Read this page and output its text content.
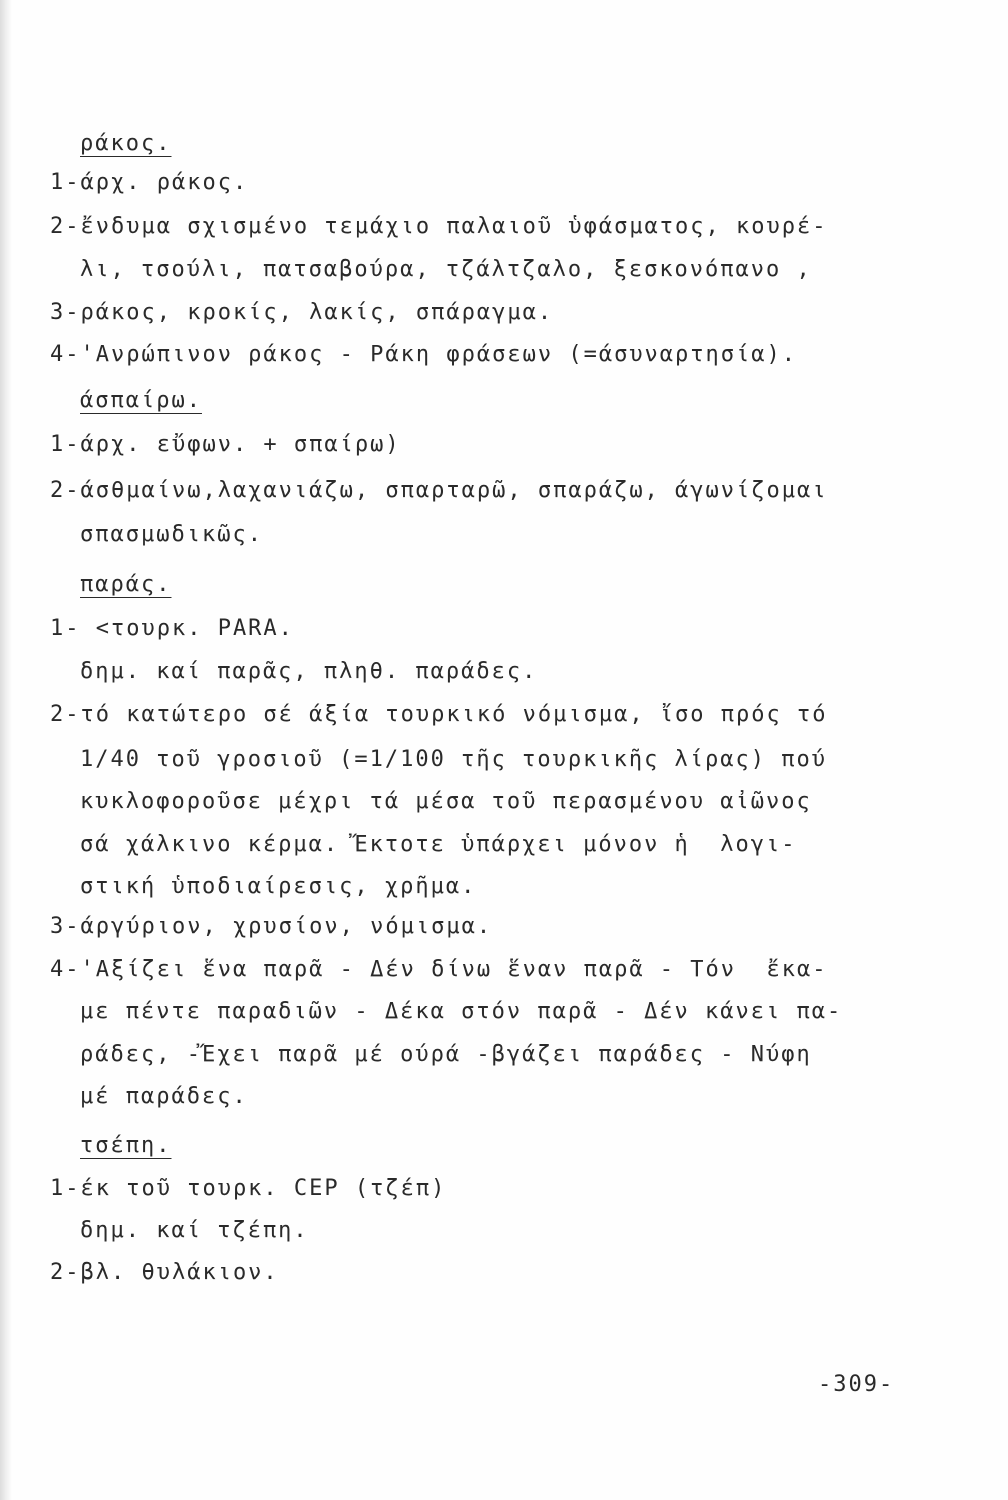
ράκος.
1-άρχ. ράκος.
2-ἔνδυμα σχισμένο τεμάχιο παλαιοῦ ὑφάσματος, κουρέ-
λι, τσούλι, πατσαβούρα, τζάλτζαλο, ξεσκονόπανο ,
3-ράκος, κροκίς, λακίς, σπάραγμα.
4-'Ανρώπινον ράκος - Ράκη φράσεων (=άσυναρτησία).
άσπαίρω.
1-άρχ. εὔφων. + σπαίρω)
2-άσθμαίνω,λαχανιάζω, σπαρταρῶ, σπαράζω, άγωνίζομαι
σπασμωδικῶς.
παράς.
1- <τουρκ. PARA.
δημ. καί παρᾶς, πληθ. παράδες.
2-τό κατώτερο σέ άξία τουρκικό νόμισμα, ἴσο πρός τό
1/40 τοῦ γροσιοῦ (=1/100 τῆς τουρκικῆς λίρας) πού
κυκλοφοροῦσε μέχρι τά μέσα τοῦ περασμένου αἰῶνος
σά χάλκινο κέρμα. Ἔκτοτε ὑπάρχει μόνον ἡ  λογι-
στική ὑποδιαίρεσις, χρῆμα.
3-άργύριον, χρυσίον, νόμισμα.
4-'Αξίζει ἕνα παρᾶ - Δέν δίνω ἕναν παρᾶ - Τόν  ἔκα-
με πέντε παραδιῶν - Δέκα στόν παρᾶ - Δέν κάνει πα-
ράδες, -Ἔχει παρᾶ μέ ούρά -βγάζει παράδες - Νύφη
μέ παράδες.
τσέπη.
1-έκ τοῦ τουρκ. CEP (τζέπ)
δημ. καί τζέπη.
2-βλ. θυλάκιον.
-309-
